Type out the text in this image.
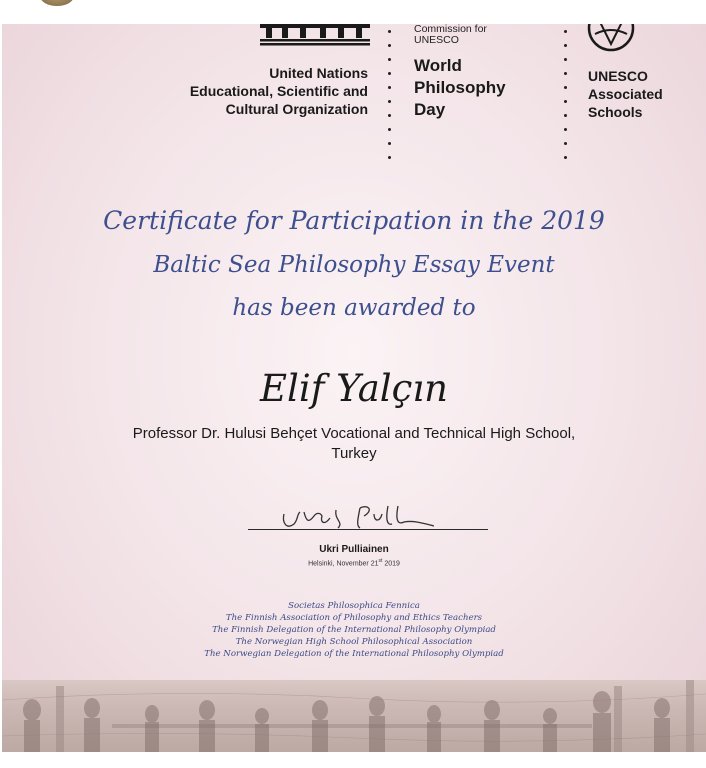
United Nations
Educational, Scientific and
Cultural Organization
Commission for
UNESCO
World
Philosophy
Day
UNESCO
Associated
Schools
Certificate for Participation in the 2019
Baltic Sea Philosophy Essay Event
has been awarded to
Elif Yalçın
Professor Dr. Hulusi Behçet Vocational and Technical High School,
Turkey
Ukri Pulliainen
Helsinki, November 21st 2019
Societas Philosophica Fennica
The Finnish Association of Philosophy and Ethics Teachers
The Finnish Delegation of the International Philosophy Olympiad
The Norwegian High School Philosophical Association
The Norwegian Delegation of the International Philosophy Olympiad
